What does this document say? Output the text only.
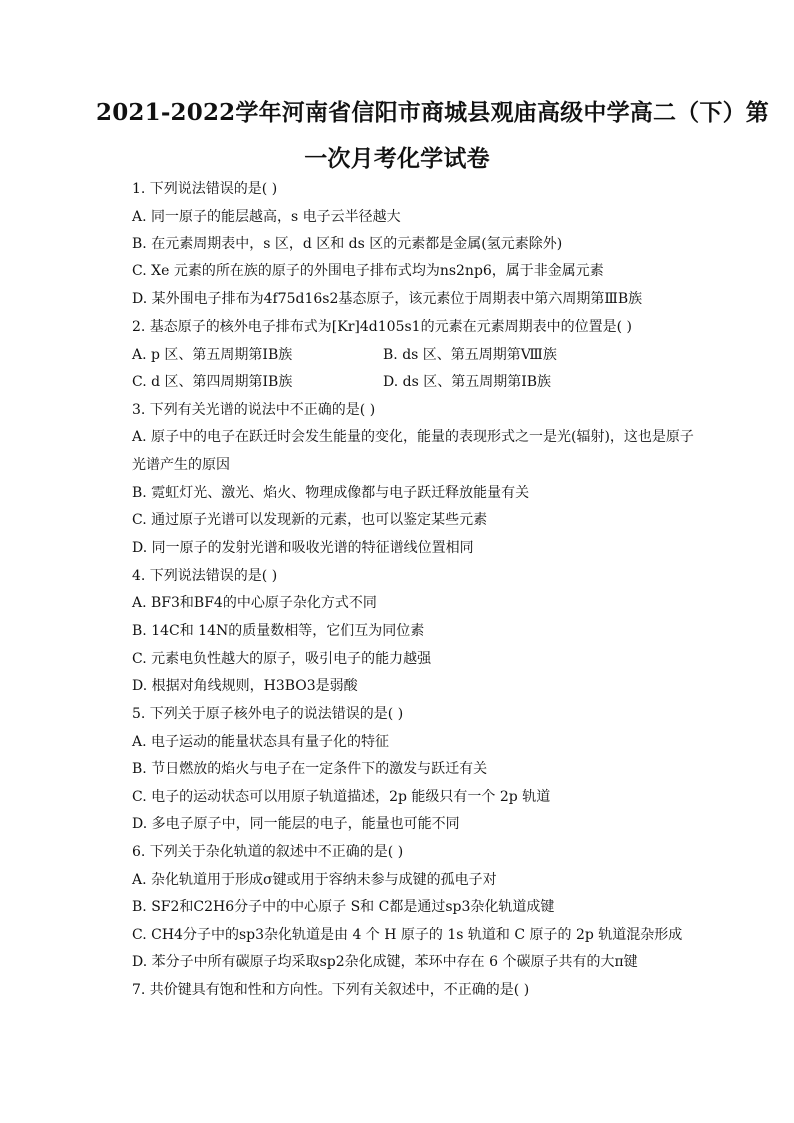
2021-2022学年河南省信阳市商城县观庙高级中学高二（下）第
一次月考化学试卷
1. 下列说法错误的是( )
A. 同一原子的能层越高，s 电子云半径越大
B. 在元素周期表中，s 区，d 区和 ds 区的元素都是金属(氢元素除外)
C. Xe 元素的所在族的原子的外围电子排布式均为ns2np6，属于非金属元素
D. 某外围电子排布为4f75d16s2基态原子，该元素位于周期表中第六周期第ⅢB族
2. 基态原子的核外电子排布式为[Kr]4d105s1的元素在元素周期表中的位置是( )
A. p 区、第五周期第ⅠB族	B. ds 区、第五周期第Ⅷ族
C. d 区、第四周期第ⅠB族	D. ds 区、第五周期第ⅠB族
3. 下列有关光谱的说法中不正确的是( )
A. 原子中的电子在跃迁时会发生能量的变化，能量的表现形式之一是光(辐射)，这也是原子
光谱产生的原因
B. 霓虹灯光、激光、焰火、物理成像都与电子跃迁释放能量有关
C. 通过原子光谱可以发现新的元素，也可以鉴定某些元素
D. 同一原子的发射光谱和吸收光谱的特征谱线位置相同
4. 下列说法错误的是( )
A. BF3和BF4的中心原子杂化方式不同
B. 14C和 14N的质量数相等，它们互为同位素
C. 元素电负性越大的原子，吸引电子的能力越强
D. 根据对角线规则，H3BO3是弱酸
5. 下列关于原子核外电子的说法错误的是( )
A. 电子运动的能量状态具有量子化的特征
B. 节日燃放的焰火与电子在一定条件下的激发与跃迁有关
C. 电子的运动状态可以用原子轨道描述，2p 能级只有一个 2p 轨道
D. 多电子原子中，同一能层的电子，能量也可能不同
6. 下列关于杂化轨道的叙述中不正确的是( )
A. 杂化轨道用于形成σ键或用于容纳未参与成键的孤电子对
B. SF2和C2H6分子中的中心原子 S和 C都是通过sp3杂化轨道成键
C. CH4分子中的sp3杂化轨道是由 4 个 H 原子的 1s 轨道和 C 原子的 2p 轨道混杂形成
D. 苯分子中所有碳原子均采取sp2杂化成键，苯环中存在 6 个碳原子共有的大π键
7. 共价键具有饱和性和方向性。下列有关叙述中，不正确的是( )
